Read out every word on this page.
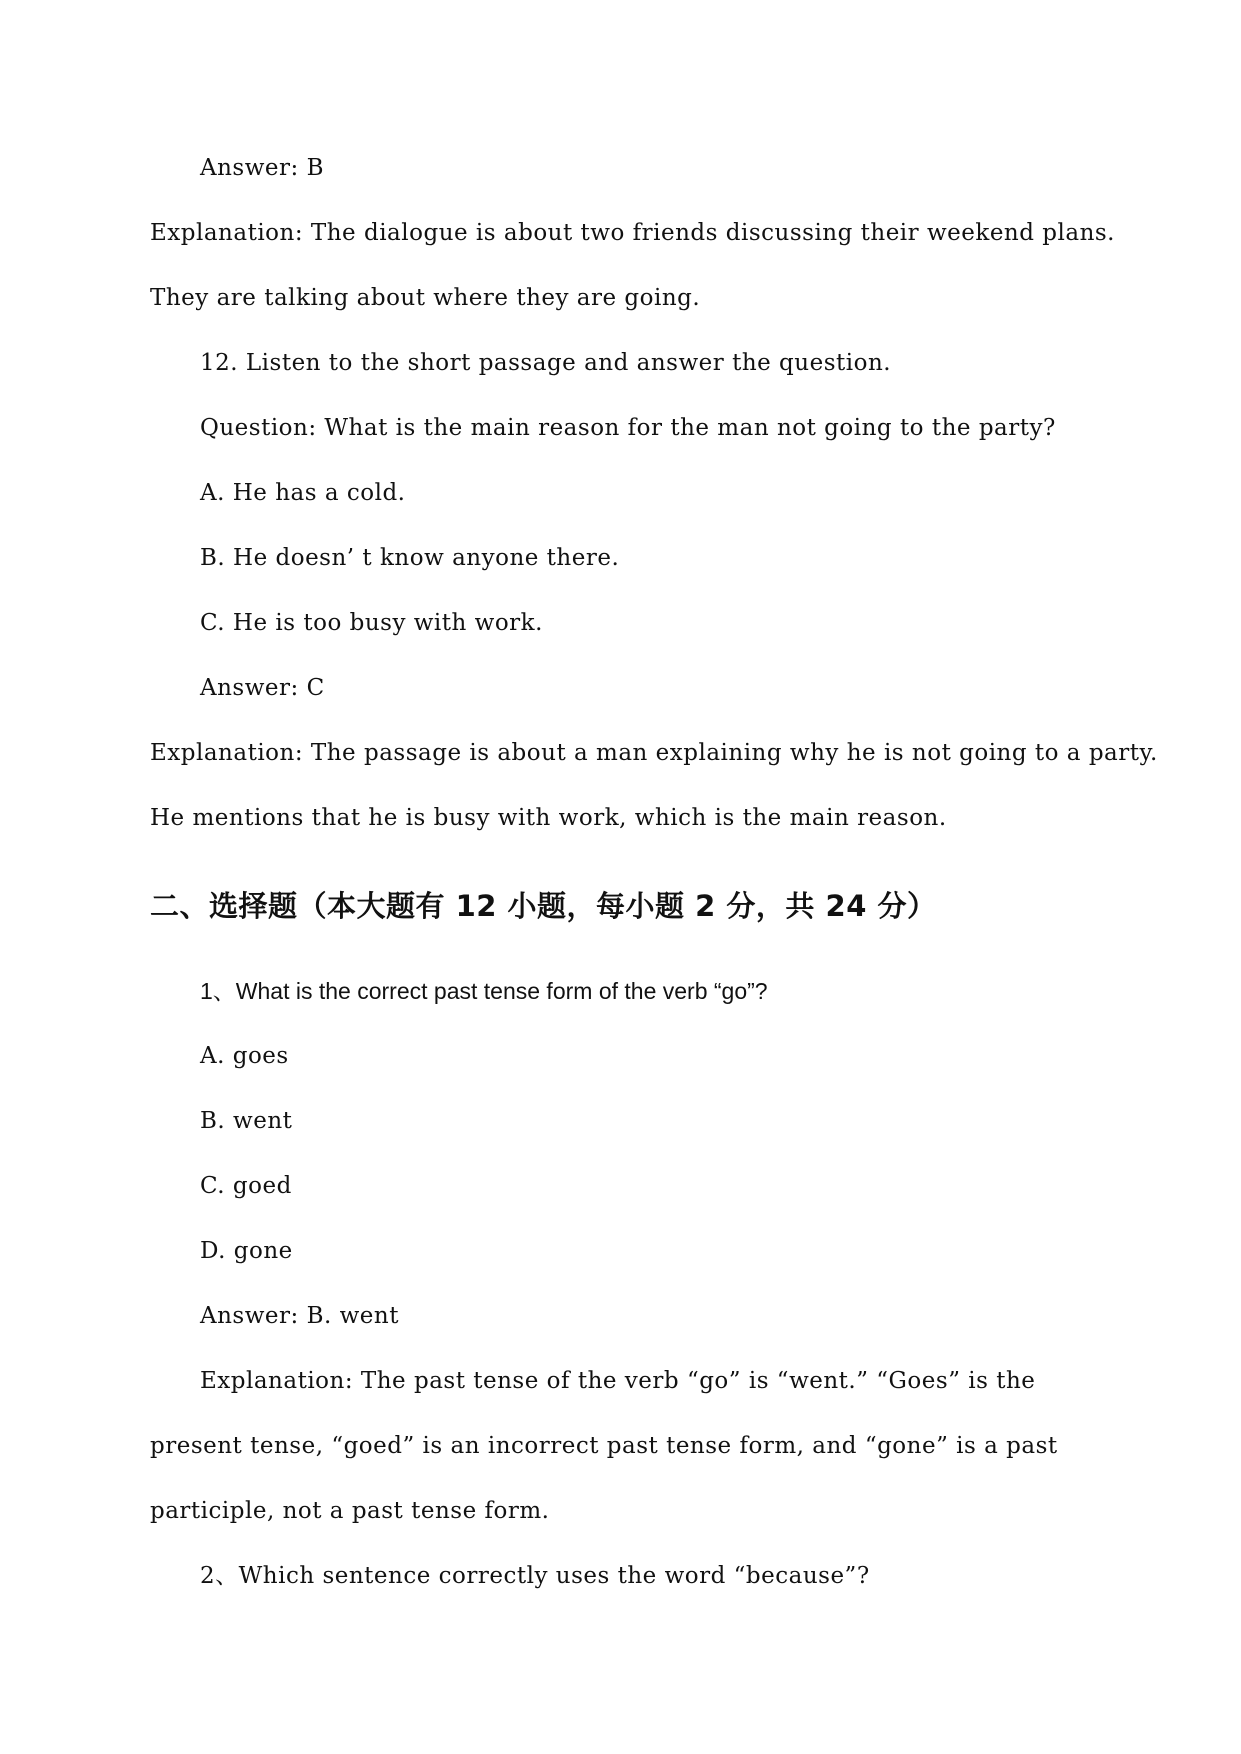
Answer: B
Explanation: The dialogue is about two friends discussing their weekend plans.
They are talking about where they are going.
12. Listen to the short passage and answer the question.
Question: What is the main reason for the man not going to the party?
A. He has a cold.
B. He doesn’ t know anyone there.
C. He is too busy with work.
Answer: C
Explanation: The passage is about a man explaining why he is not going to a party.
He mentions that he is busy with work, which is the main reason.
二、选择题（本大题有 12 小题，每小题 2 分，共 24 分）
1、What is the correct past tense form of the verb “go”?
A. goes
B. went
C. goed
D. gone
Answer: B. went
Explanation: The past tense of the verb “go” is “went.” “Goes” is the
present tense, “goed” is an incorrect past tense form, and “gone” is a past
participle, not a past tense form.
2、Which sentence correctly uses the word “because”?
